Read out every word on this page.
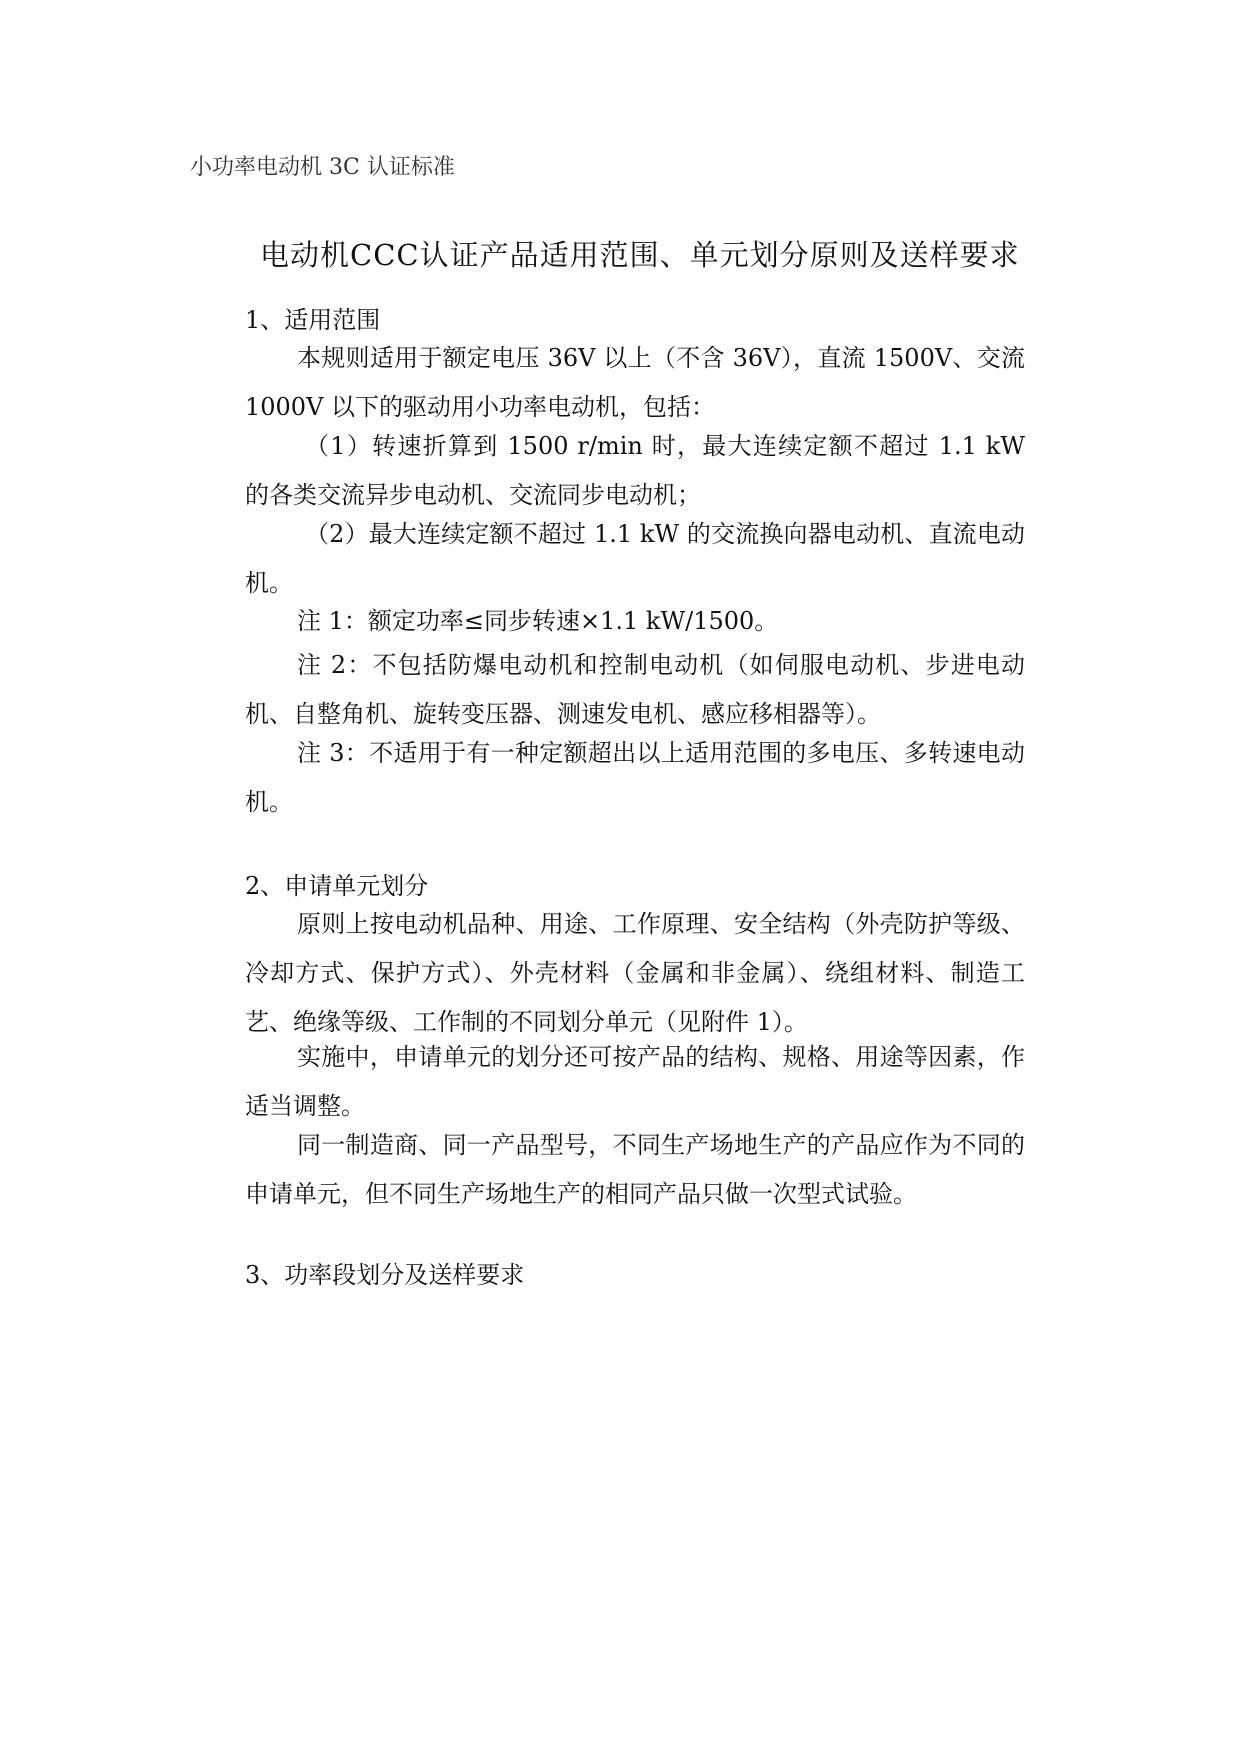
小功率电动机 3C 认证标准
电动机CCC认证产品适用范围、单元划分原则及送样要求
1、适用范围

本规则适用于额定电压 36V 以上（不含 36V），直流 1500V、交流 1000V 以下的驱动用小功率电动机，包括：

（1）转速折算到 1500 r/min 时，最大连续定额不超过 1.1 kW 的各类交流异步电动机、交流同步电动机；

（2）最大连续定额不超过 1.1 kW 的交流换向器电动机、直流电动机。

注 1：额定功率≤同步转速×1.1 kW/1500。

注 2：不包括防爆电动机和控制电动机（如伺服电动机、步进电动机、自整角机、旋转变压器、测速发电机、感应移相器等）。

注 3：不适用于有一种定额超出以上适用范围的多电压、多转速电动机。

2、申请单元划分

原则上按电动机品种、用途、工作原理、安全结构（外壳防护等级、冷却方式、保护方式）、外壳材料（金属和非金属）、绕组材料、制造工艺、绝缘等级、工作制的不同划分单元（见附件 1）。

实施中，申请单元的划分还可按产品的结构、规格、用途等因素，作适当调整。

同一制造商、同一产品型号，不同生产场地生产的产品应作为不同的申请单元，但不同生产场地生产的相同产品只做一次型式试验。

3、功率段划分及送样要求
